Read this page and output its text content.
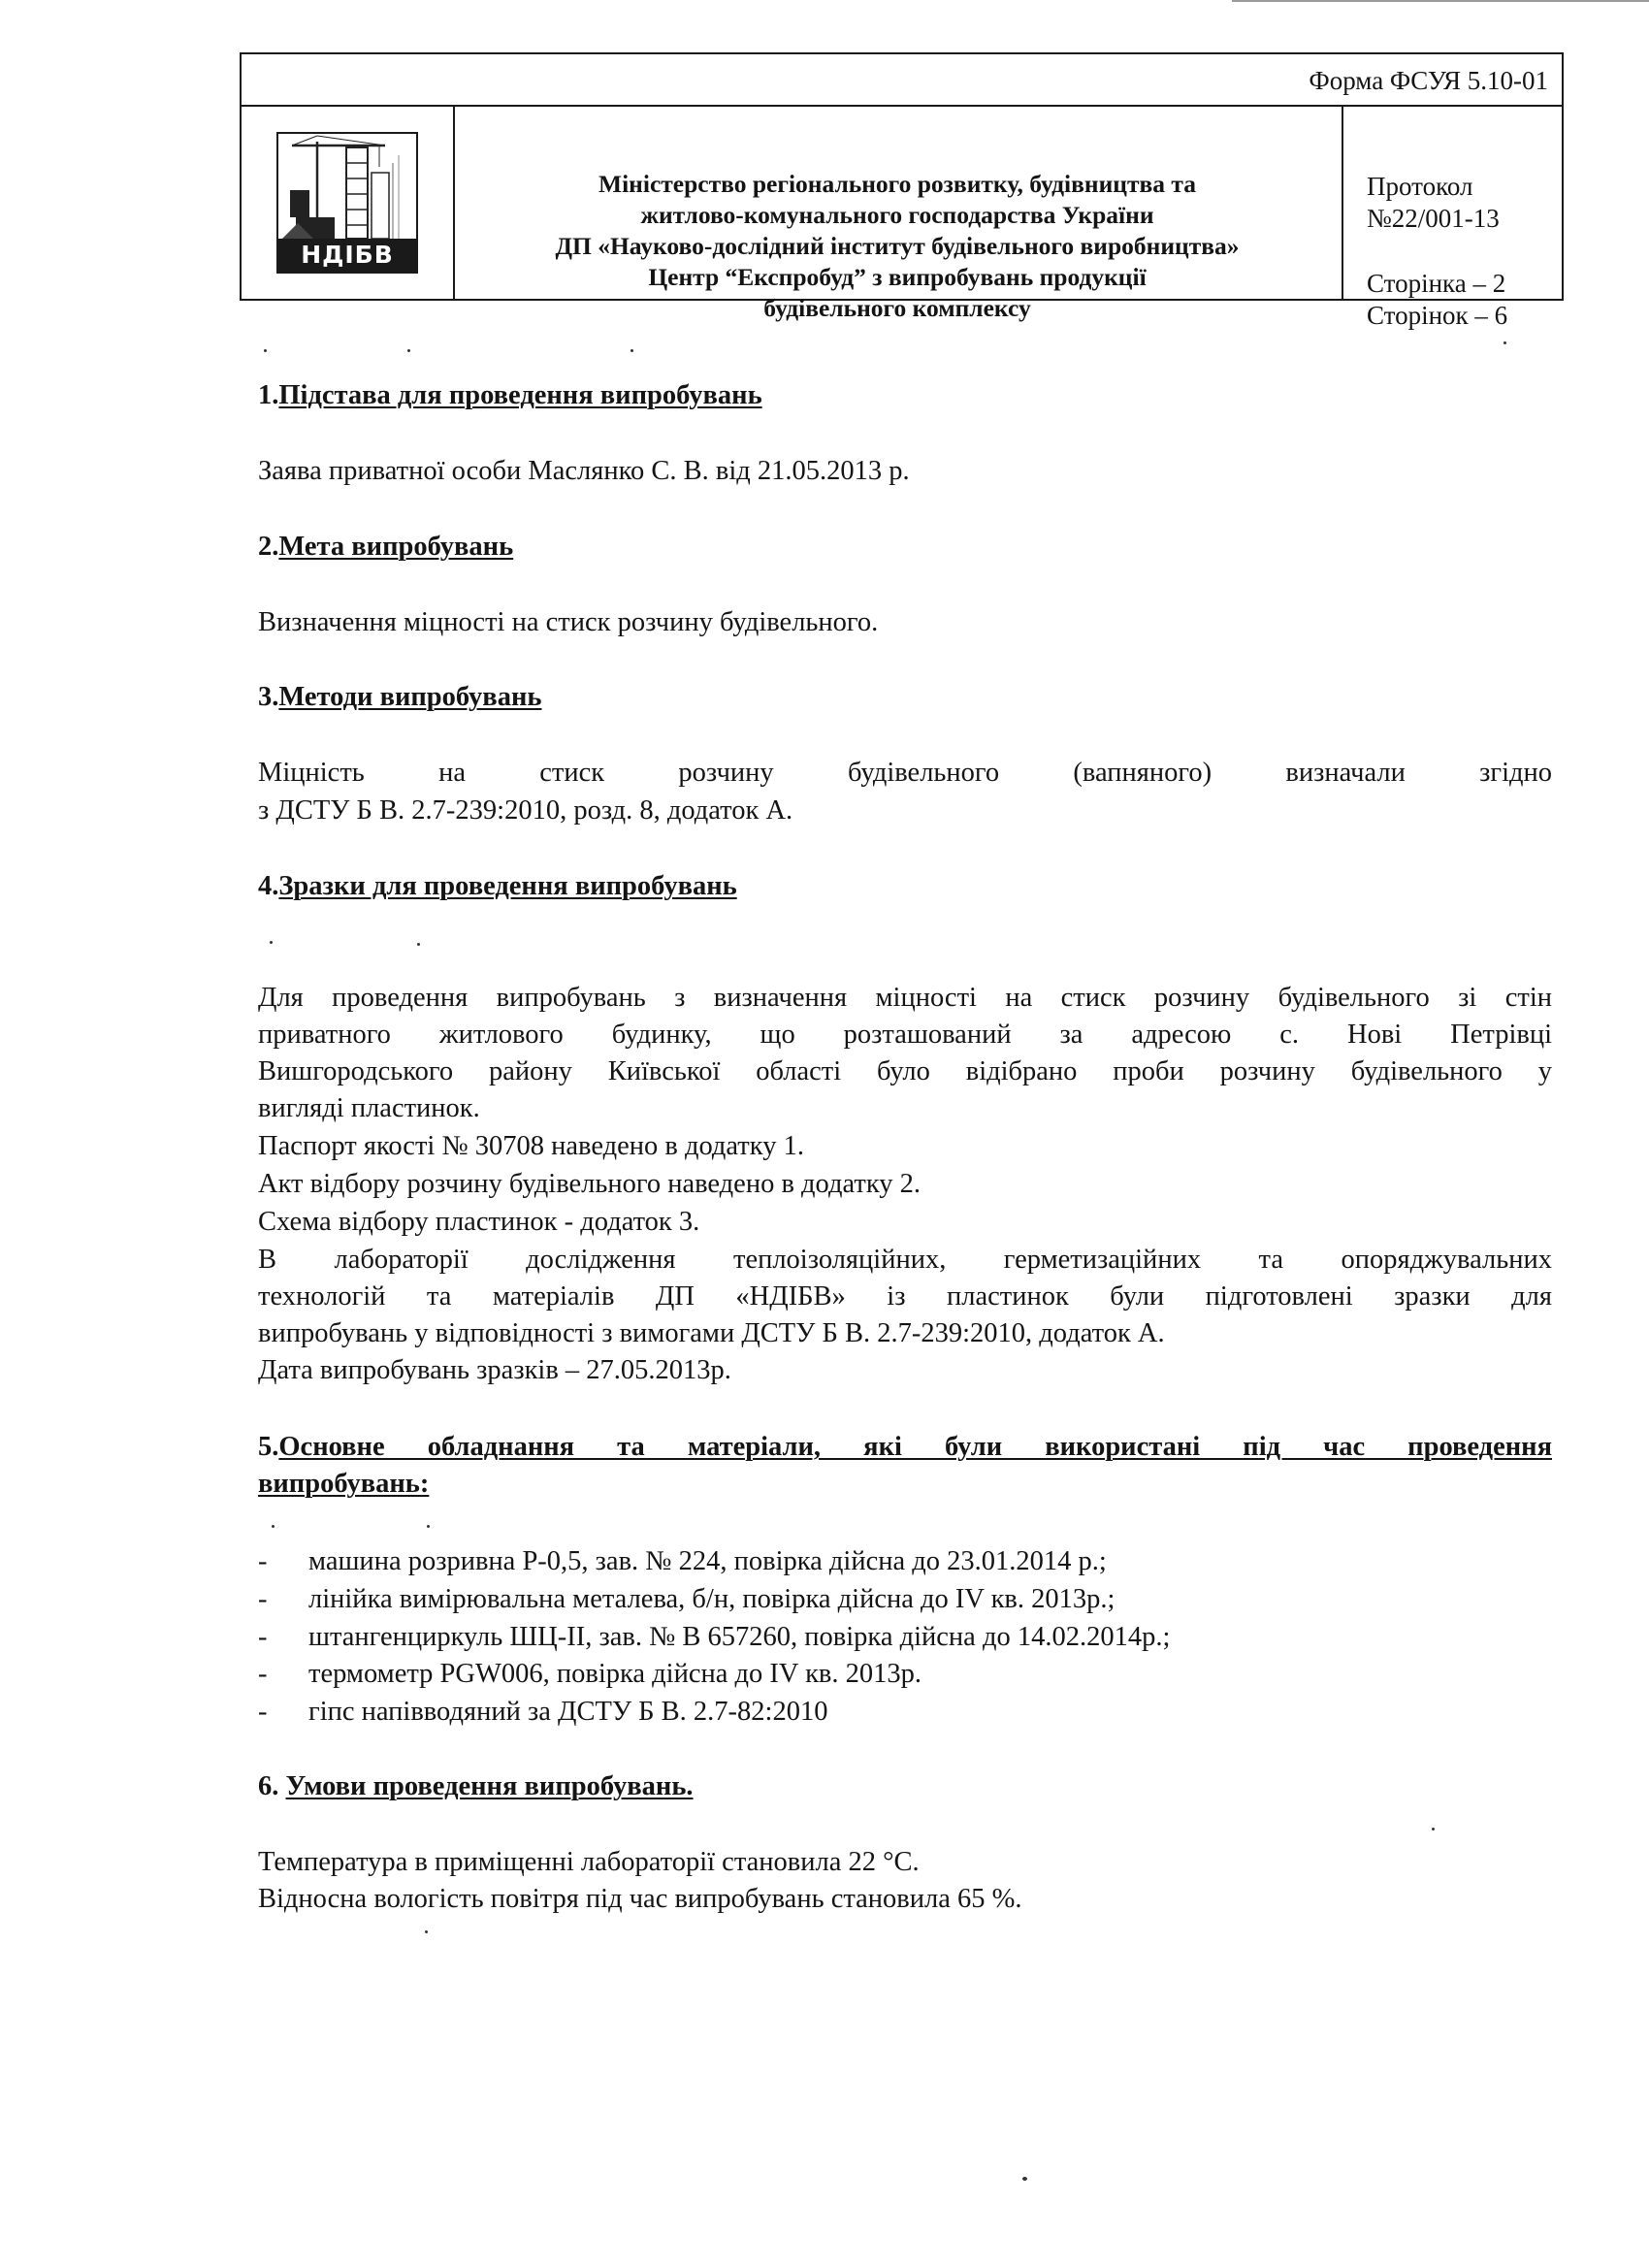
Форма ФСУЯ 5.10-01
НДІБВ
Міністерство регіонального розвитку, будівництва та
житлово-комунального господарства України
ДП «Науково-дослідний інститут будівельного виробництва»
Центр “Експробуд” з випробувань продукції
будівельного комплексу
Протокол
№22/001-13
Сторінка – 2
Сторінок – 6
1.Підстава для проведення випробувань
Заява приватної особи Маслянко С. В. від 21.05.2013 р.
2.Мета випробувань
Визначення міцності на стиск розчину будівельного.
3.Методи випробувань
Міцність на стиск розчину будівельного (вапняного) визначали згідно
з ДСТУ Б В. 2.7-239:2010, розд. 8, додаток А.
4.Зразки для проведення випробувань
Для проведення випробувань з визначення міцності на стиск розчину будівельного зі стін
приватного житлового будинку, що розташований за адресою с. Нові Петрівці
Вишгородського району Київської області було відібрано проби розчину будівельного у
вигляді пластинок.
Паспорт якості № 30708 наведено в додатку 1.
Акт відбору розчину будівельного наведено в додатку 2.
Схема відбору пластинок - додаток 3.
В лабораторії дослідження теплоізоляційних, герметизаційних та опоряджувальних
технологій та матеріалів ДП «НДІБВ» із пластинок були підготовлені зразки для
випробувань у відповідності з вимогами ДСТУ Б В. 2.7-239:2010, додаток А.
Дата випробувань зразків – 27.05.2013р.
5.Основне обладнання та матеріали, які були використані під час проведення
випробувань:
- машина розривна Р-0,5, зав. № 224, повірка дійсна до 23.01.2014 р.;
- лінійка вимірювальна металева, б/н, повірка дійсна до IV кв. 2013р.;
- штангенциркуль ШЦ-ІІ, зав. № В 657260, повірка дійсна до 14.02.2014р.;
- термометр PGW006, повірка дійсна до IV кв. 2013р.
- гіпс напівводяний за ДСТУ Б В. 2.7-82:2010
6. Умови проведення випробувань.
Температура в приміщенні лабораторії становила 22 °С.
Відносна вологість повітря під час випробувань становила 65 %.
